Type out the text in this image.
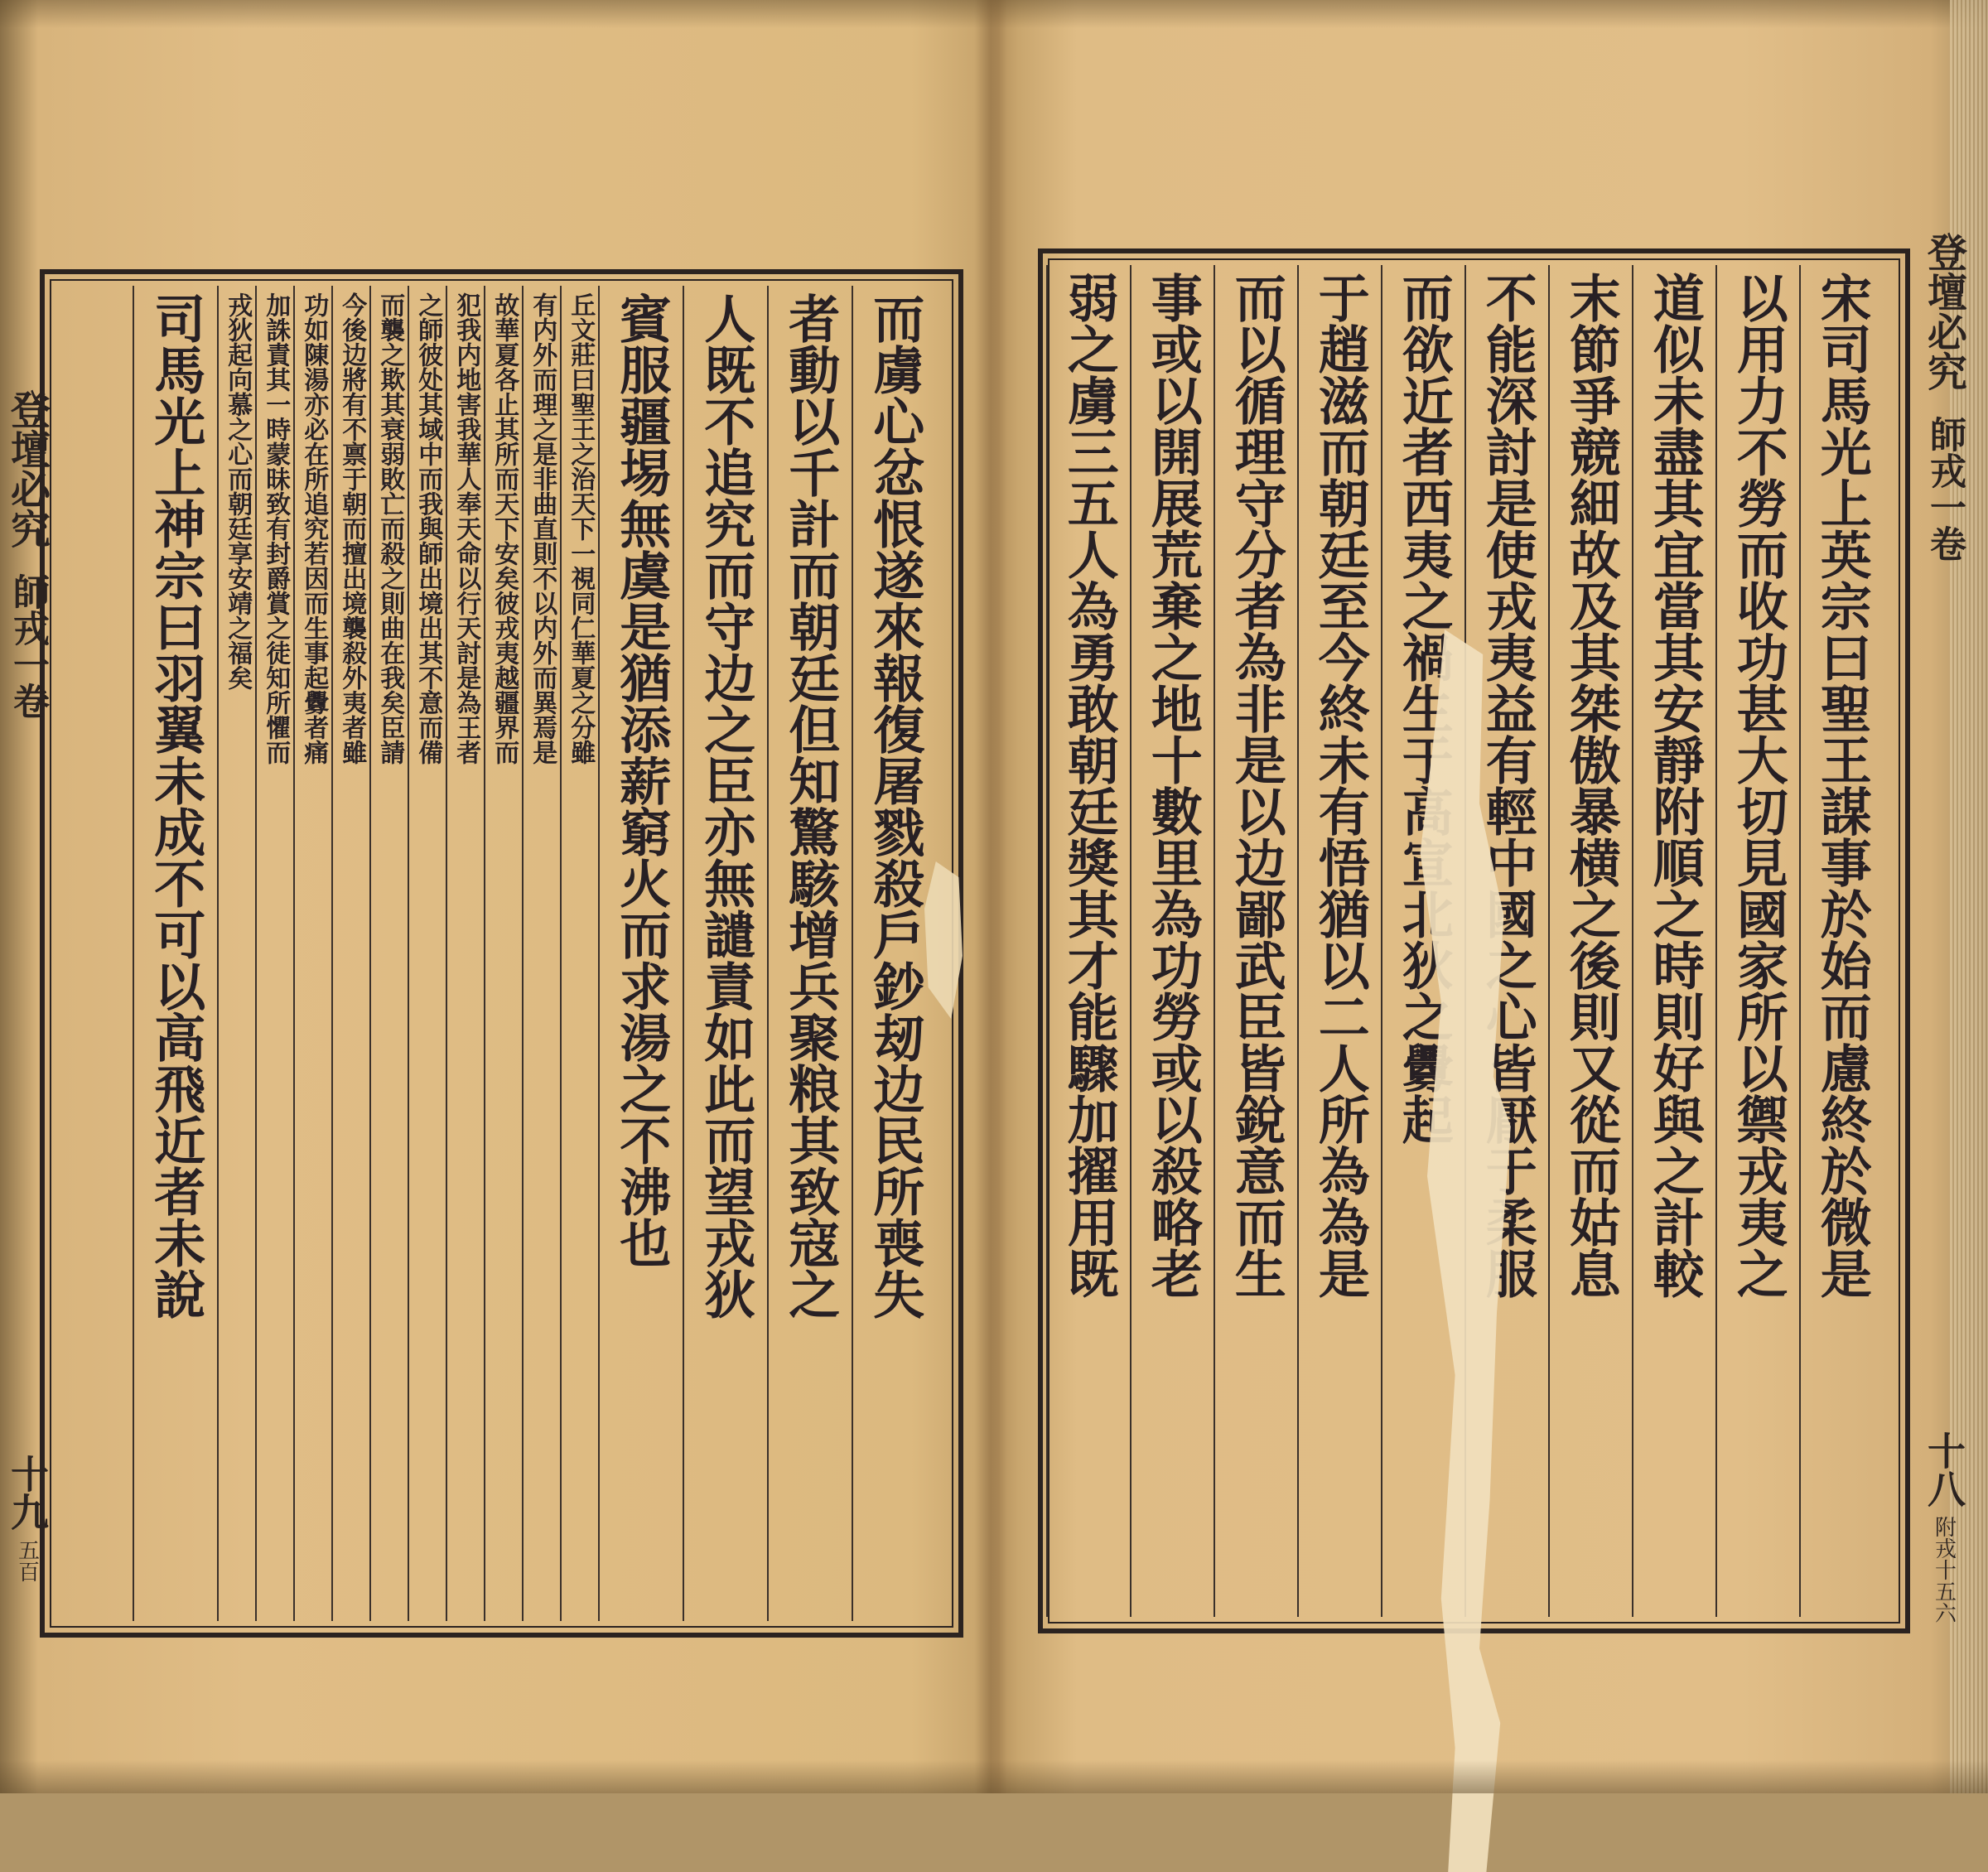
而虜心忿恨遂來報復屠戮殺戶鈔刼边民所喪失
者動以千計而朝廷但知驚駭增兵聚粮其致寇之
人既不追究而守边之臣亦無譴責如此而望戎狄
賓服疆埸無虞是猶添薪窮火而求湯之不沸也
丘文莊曰聖王之治天下一視同仁華夏之分雖
有内外而理之是非曲直則不以内外而異焉是
故華夏各止其所而天下安矣彼戎夷越疆界而
犯我内地害我華人奉天命以行天討是為王者
之師彼处其域中而我與師出境出其不意而備
而襲之欺其衰弱敗亡而殺之則曲在我矣臣請
今後边將有不禀于朝而擅出境襲殺外夷者雖
功如陳湯亦必在所追究若因而生事起釁者痛
加誅責其一時蒙昧致有封爵賞之徒知所懼而
戎狄起向慕之心而朝廷享安靖之福矣
司馬光上神宗曰羽翼未成不可以高飛近者未說	宋司馬光上英宗曰聖王謀事於始而慮終於微是
以用力不勞而收功甚大切見國家所以禦戎夷之
道似未盡其宜當其安靜附順之時則好與之計較
末節爭競細故及其桀傲暴横之後則又從而姑息
不能深討是使戎夷益有輕中國之心皆厭于柔服
而欲近者西夷之禍生于高宣北狄之釁起
于趙滋而朝廷至今終未有悟猶以二人所為為是
而以循理守分者為非是以边鄙武臣皆銳意而生
事或以開展荒棄之地十數里為功勞或以殺略老
弱之虜三五人為勇敢朝廷獎其才能驟加擢用既
登壇必究
師戎一卷
十九
五百
登壇必究
師戎一卷
十八
附戎十五六
